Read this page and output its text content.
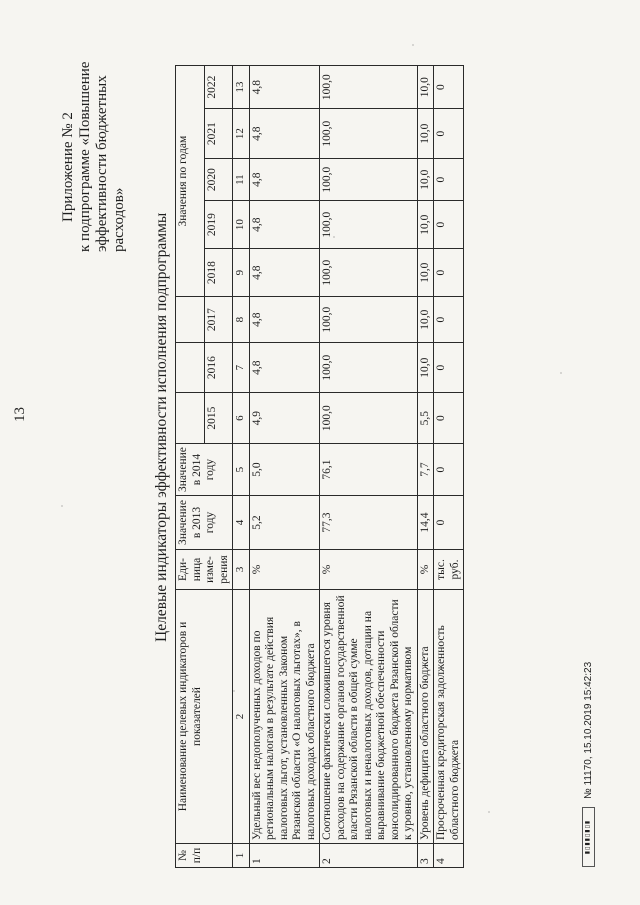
13
Приложение № 2 к подпрограмме «Повышение эффективности бюджетных расходов» Целевые индикаторы эффективности исполнения подпрограммы
№ п/п	Наименование целевых индикаторов и показателей	Еди-ница изме-рения	Значение в 2013 году	Значение в 2014 году				Значения по годам				
					2015	2016	2017	2018	2019	2020	2021	2022
1	2	3	4	5	6	7	8	9	10	11	12	13
1	Удельный вес недополученных доходов по региональным налогам в результате действия налоговых льгот, установленных Законом Рязанской области «О налоговых льготах», в налоговых доходах областного бюджета	%	5,2	5,0	4,9	4,8	4,8	4,8	4,8	4,8	4,8	4,8
2	Соотношение фактически сложившегося уровня расходов на содержание органов государственной власти Рязанской области в общей сумме налоговых и неналоговых доходов, дотации на выравнивание бюджетной обеспеченности консолидированного бюджета Рязанской области к уровню, установленному нормативом	%	77,3	76,1	100,0	100,0	100,0	100,0	100,0	100,0	100,0	100,0
3	Уровень дефицита областного бюджета	%	14,4	7,7	5,5	10,0	10,0	10,0	10,0	10,0	10,0	10,0
4	Просроченная кредиторская задолженность областного бюджета	тыс. руб.	0	0	0	0	0	0	0	0	0	0
▮▯▮▮▯▮▯▮
№ 11170, 15.10.2019 15:42:23
